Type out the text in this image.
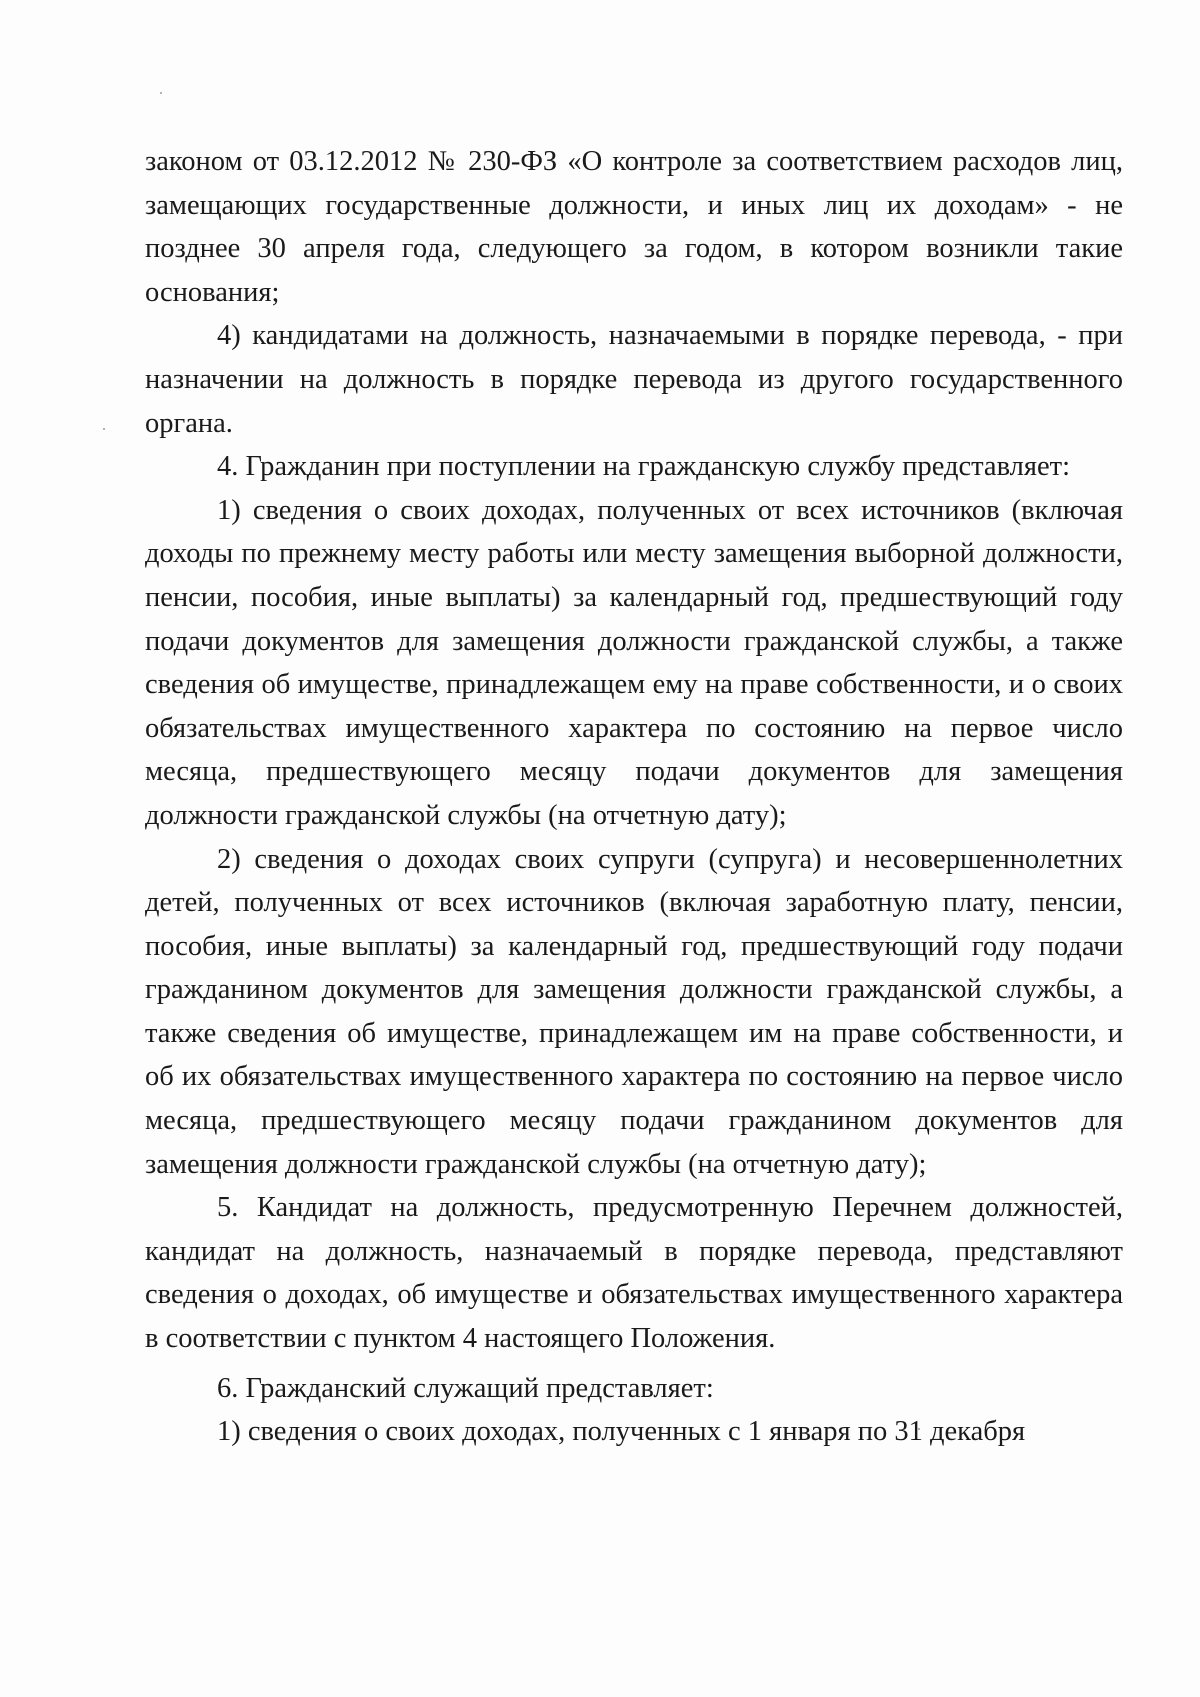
законом от 03.12.2012 № 230-ФЗ «О контроле за соответствием расходов лиц, замещающих государственные должности, и иных лиц их доходам» - не позднее 30 апреля года, следующего за годом, в котором возникли такие основания;

4) кандидатами на должность, назначаемыми в порядке перевода, - при назначении на должность в порядке перевода из другого государственного органа.

4. Гражданин при поступлении на гражданскую службу представляет:

1) сведения о своих доходах, полученных от всех источников (включая доходы по прежнему месту работы или месту замещения выборной должности, пенсии, пособия, иные выплаты) за календарный год, предшествующий году подачи документов для замещения должности гражданской службы, а также сведения об имуществе, принадлежащем ему на праве собственности, и о своих обязательствах имущественного характера по состоянию на первое число месяца, предшествующего месяцу подачи документов для замещения должности гражданской службы (на отчетную дату);

2) сведения о доходах своих супруги (супруга) и несовершеннолетних детей, полученных от всех источников (включая заработную плату, пенсии, пособия, иные выплаты) за календарный год, предшествующий году подачи гражданином документов для замещения должности гражданской службы, а также сведения об имуществе, принадлежащем им на праве собственности, и об их обязательствах имущественного характера по состоянию на первое число месяца, предшествующего месяцу подачи гражданином документов для замещения должности гражданской службы (на отчетную дату);

5. Кандидат на должность, предусмотренную Перечнем должностей, кандидат на должность, назначаемый в порядке перевода, представляют сведения о доходах, об имуществе и обязательствах имущественного характера в соответствии с пунктом 4 настоящего Положения.

6. Гражданский служащий представляет:

1) сведения о своих доходах, полученных с 1 января по 31 декабря
